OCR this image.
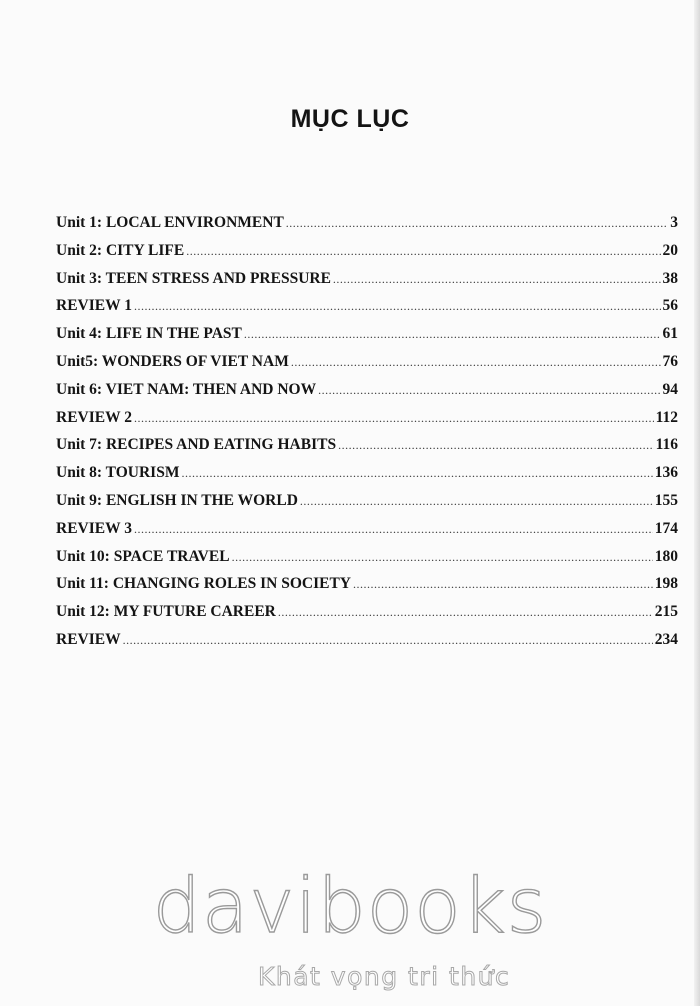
MỤC LỤC
Unit 1: LOCAL ENVIRONMENT .....	3
Unit 2: CITY LIFE .....	20
Unit 3: TEEN STRESS AND PRESSURE .....	38
REVIEW 1 .....	56
Unit 4: LIFE IN THE PAST .....	61
Unit5: WONDERS OF VIET NAM .....	76
Unit 6: VIET NAM: THEN AND NOW .....	94
REVIEW 2 .....	112
Unit 7: RECIPES AND EATING HABITS .....	116
Unit 8: TOURISM .....	136
Unit 9: ENGLISH IN THE WORLD .....	155
REVIEW 3 .....	174
Unit 10: SPACE TRAVEL .....	180
Unit 11: CHANGING ROLES IN SOCIETY .....	198
Unit 12: MY FUTURE CAREER .....	215
REVIEW .....	234
davibooks
Khát vọng tri thức
